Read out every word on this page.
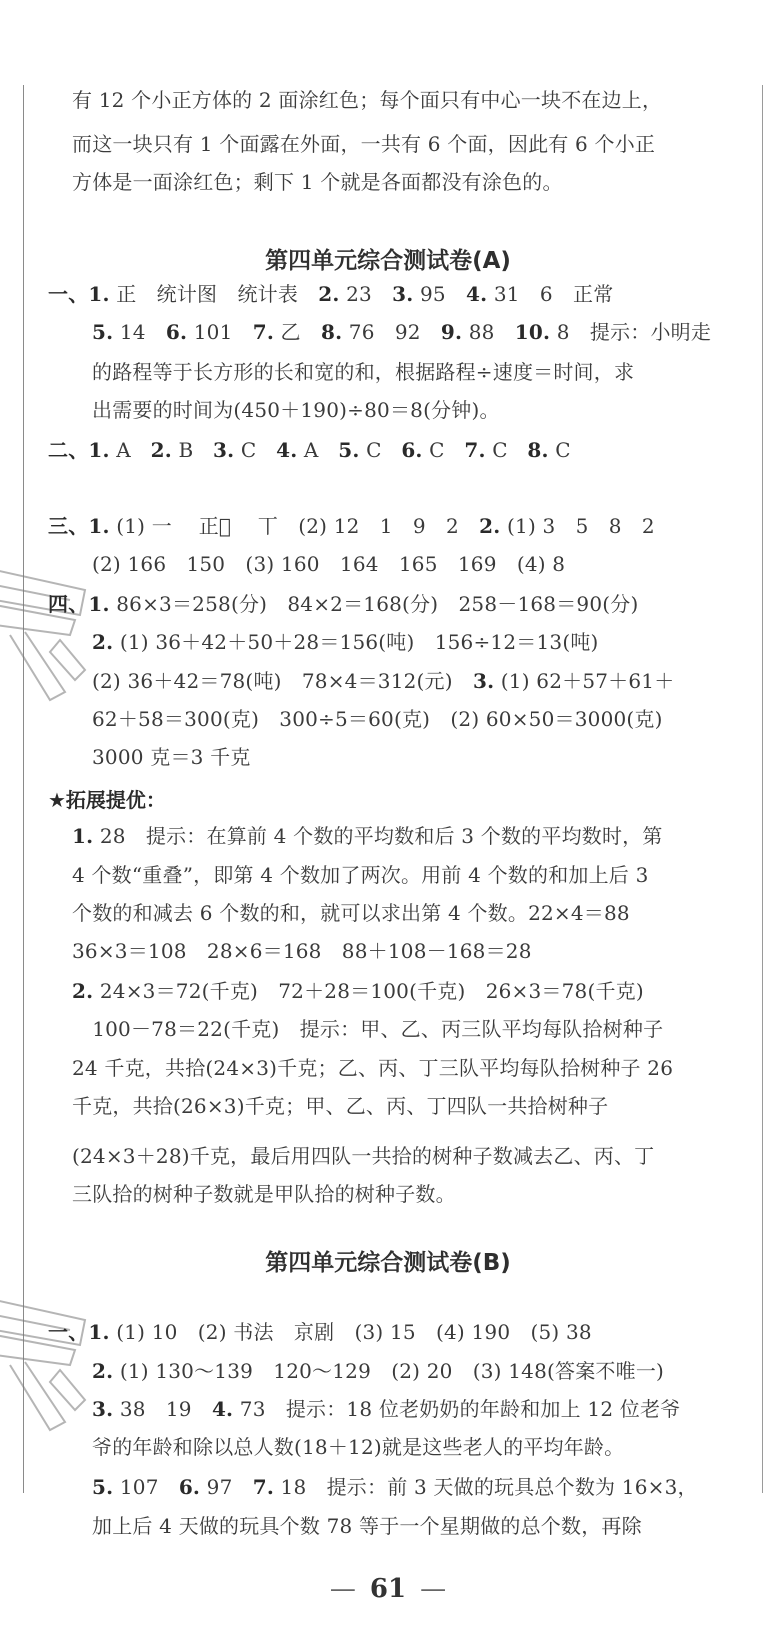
有 12 个小正方体的 2 面涂红色；每个面只有中心一块不在边上，
而这一块只有 1 个面露在外面，一共有 6 个面，因此有 6 个小正
方体是一面涂红色；剩下 1 个就是各面都没有涂色的。
第四单元综合测试卷(A)
一、1. 正　统计图　统计表　2. 23　3. 95　4. 31　6　正常
5. 14　6. 101　7. 乙　8. 76　92　9. 88　10. 8　提示：小明走
的路程等于长方形的长和宽的和，根据路程÷速度＝时间，求
出需要的时间为(450＋190)÷80＝8(分钟)。
二、1. A 2. B 3. C 4. A 5. C 6. C 7. C 8. C
三、1. (1) 一　 正𠀆　 丅　(2) 12　1　9　2　2. (1) 3　5　8　2
(2) 166　150　(3) 160　164　165　169　(4) 8
四、1. 86×3＝258(分)　84×2＝168(分)　258－168＝90(分)
2. (1) 36＋42＋50＋28＝156(吨)　156÷12＝13(吨)
(2) 36＋42＝78(吨)　78×4＝312(元)　3. (1) 62＋57＋61＋
62＋58＝300(克)　300÷5＝60(克)　(2) 60×50＝3000(克)
3000 克＝3 千克
★拓展提优：
1. 28　提示：在算前 4 个数的平均数和后 3 个数的平均数时，第
4 个数“重叠”，即第 4 个数加了两次。用前 4 个数的和加上后 3
个数的和减去 6 个数的和，就可以求出第 4 个数。22×4＝88
36×3＝108　28×6＝168　88＋108－168＝28
2. 24×3＝72(千克)　72＋28＝100(千克)　26×3＝78(千克)
　100－78＝22(千克)　提示：甲、乙、丙三队平均每队拾树种子
24 千克，共拾(24×3)千克；乙、丙、丁三队平均每队拾树种子 26
千克，共拾(26×3)千克；甲、乙、丙、丁四队一共拾树种子
(24×3＋28)千克，最后用四队一共拾的树种子数减去乙、丙、丁
三队拾的树种子数就是甲队拾的树种子数。
第四单元综合测试卷(B)
一、1. (1) 10　(2) 书法　京剧　(3) 15　(4) 190　(5) 38
2. (1) 130～139　120～129　(2) 20　(3) 148(答案不唯一)
3. 38　19　4. 73　提示：18 位老奶奶的年龄和加上 12 位老爷
爷的年龄和除以总人数(18＋12)就是这些老人的平均年龄。
5. 107　6. 97　7. 18　提示：前 3 天做的玩具总个数为 16×3，
加上后 4 天做的玩具个数 78 等于一个星期做的总个数，再除
— 61 —
